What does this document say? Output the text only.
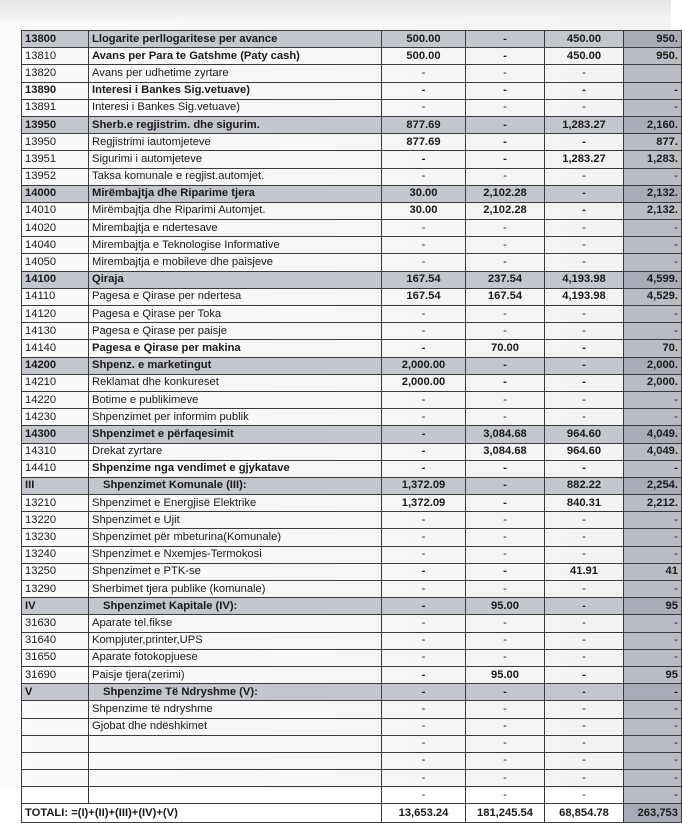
13800	Llogarite perllogaritese per avance	500.00	-	450.00	950.
13810	Avans per Para te Gatshme (Paty cash)	500.00	-	450.00	950.
13820	Avans per udhetime zyrtare	-	-	-	
13890	Interesi i Bankes Sig.vetuave)	-	-	-	-
13891	Interesi i Bankes Sig.vetuave)	-	-	-	-
13950	Sherb.e regjistrim. dhe sigurim.	877.69	-	1,283.27	2,160.
13950	Regjistrimi iautomjeteve	877.69	-	-	877.
13951	Sigurimi i automjeteve	-	-	1,283.27	1,283.
13952	Taksa komunale e regjist.automjet.	-	-	-	-
14000	Mirëmbajtja dhe Riparime tjera	30.00	2,102.28	-	2,132.
14010	Mirëmbajtja dhe Riparimi Automjet.	30.00	2,102.28	-	2,132.
14020	Mirembajtja e ndertesave	-	-	-	-
14040	Mirembajtja e Teknologise Informative	-	-	-	-
14050	Mirembajtja e mobileve dhe paisjeve	-	-	-	-
14100	Qiraja	167.54	237.54	4,193.98	4,599.
14110	Pagesa e Qirase per ndertesa	167.54	167.54	4,193.98	4,529.
14120	Pagesa e Qirase per Toka	-	-	-	-
14130	Pagesa e Qirase per paisje	-	-	-	-
14140	Pagesa e Qirase per makina	-	70.00	-	70.
14200	Shpenz. e marketingut	2,000.00	-	-	2,000.
14210	Reklamat dhe konkureset	2,000.00	-	-	2,000.
14220	Botime e publikimeve	-	-	-	-
14230	Shpenzimet per informim publik	-	-	-	-
14300	Shpenzimet e përfaqesimit	-	3,084.68	964.60	4,049.
14310	Drekat zyrtare	-	3,084.68	964.60	4,049.
14410	Shpenzime nga vendimet e gjykatave	-	-	-	-
III	Shpenzimet Komunale (III):	1,372.09	-	882.22	2,254.
13210	Shpenzimet e Energjisë Elektrike	1,372.09	-	840.31	2,212.
13220	Shpenzimet e Ujit	-	-	-	-
13230	Shpenzimet për mbeturina(Komunale)	-	-	-	-
13240	Shpenzimet e Nxemjes-Termokosi	-	-	-	-
13250	Shpenzimet e PTK-se	-	-	41.91	41
13290	Sherbimet tjera publike (komunale)	-	-	-	-
IV	Shpenzimet Kapitale (IV):	-	95.00	-	95
31630	Aparate tel.fikse	-	-	-	-
31640	Kompjuter,printer,UPS	-	-	-	-
31650	Aparate fotokopjuese	-	-	-	-
31690	Paisje tjera(zerimi)	-	95.00	-	95
V	Shpenzime Të Ndryshme (V):	-	-	-	-
	Shpenzime të ndryshme	-	-	-	-
	Gjobat dhe ndëshkimet	-	-	-	-
		-	-	-	-
		-	-	-	-
		-	-	-	-
		-	-	-	-
TOTALI: =(I)+(II)+(III)+(IV)+(V)		13,653.24	181,245.54	68,854.78	263,753
